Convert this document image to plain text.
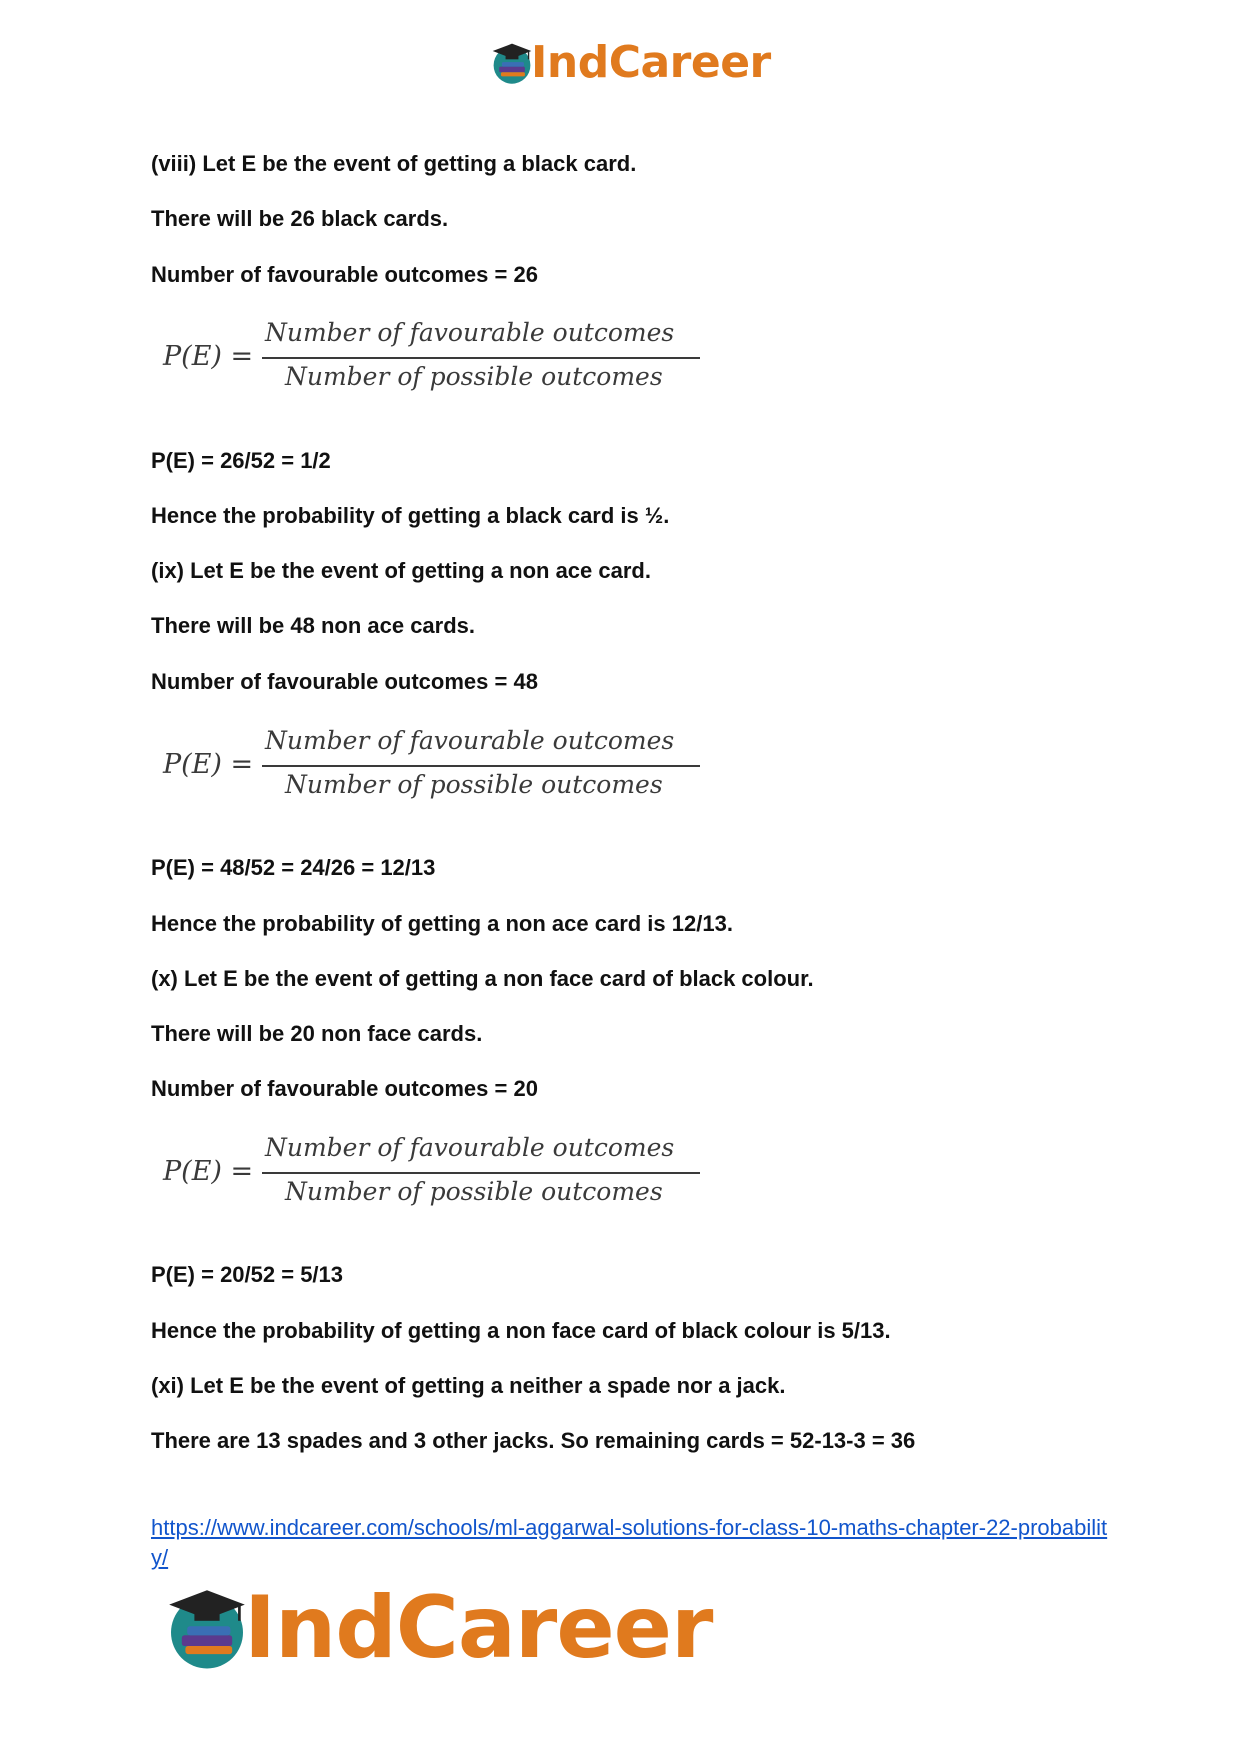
IndCareer
(viii) Let E be the event of getting a black card.
There will be 26 black cards.
Number of favourable outcomes = 26
P(E) =
Number of favourable outcomes
Number of possible outcomes
P(E) = 26/52 = 1/2
Hence the probability of getting a black card is ½.
(ix) Let E be the event of getting a non ace card.
There will be 48 non ace cards.
Number of favourable outcomes = 48
P(E) =
Number of favourable outcomes
Number of possible outcomes
P(E) = 48/52 = 24/26 = 12/13
Hence the probability of getting a non ace card is 12/13.
(x) Let E be the event of getting a non face card of black colour.
There will be 20 non face cards.
Number of favourable outcomes = 20
P(E) =
Number of favourable outcomes
Number of possible outcomes
P(E) = 20/52 = 5/13
Hence the probability of getting a non face card of black colour is 5/13.
(xi) Let E be the event of getting a neither a spade nor a jack.
There are 13 spades and 3 other jacks. So remaining cards = 52-13-3 = 36
https://www.indcareer.com/schools/ml-aggarwal-solutions-for-class-10-maths-chapter-22-probability/
IndCareer
